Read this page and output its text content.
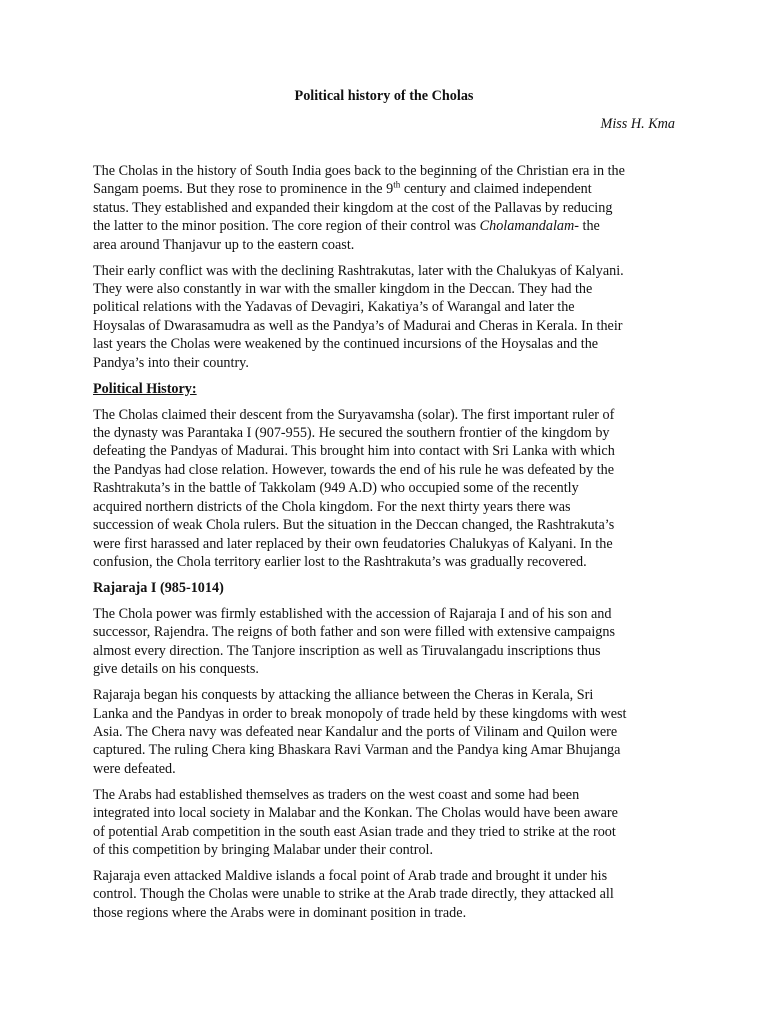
Political history of the Cholas
Miss H. Kma

The Cholas in the history of South India goes back to the beginning of the Christian era in the
Sangam poems. But they rose to prominence in the 9th century and claimed independent
status. They established and expanded their kingdom at the cost of the Pallavas by reducing
the latter to the minor position. The core region of their control was Cholamandalam- the
area around Thanjavur up to the eastern coast.

Their early conflict was with the declining Rashtrakutas, later with the Chalukyas of Kalyani.
They were also constantly in war with the smaller kingdom in the Deccan. They had the
political relations with the Yadavas of Devagiri, Kakatiya’s of Warangal and later the
Hoysalas of Dwarasamudra as well as the Pandya’s of Madurai and Cheras in Kerala. In their
last years the Cholas were weakened by the continued incursions of the Hoysalas and the
Pandya’s into their country.

Political History:

The Cholas claimed their descent from the Suryavamsha (solar). The first important ruler of
the dynasty was Parantaka I (907-955). He secured the southern frontier of the kingdom by
defeating the Pandyas of Madurai. This brought him into contact with Sri Lanka with which
the Pandyas had close relation. However, towards the end of his rule he was defeated by the
Rashtrakuta’s in the battle of Takkolam (949 A.D) who occupied some of the recently
acquired northern districts of the Chola kingdom. For the next thirty years there was
succession of weak Chola rulers. But the situation in the Deccan changed, the Rashtrakuta’s
were first harassed and later replaced by their own feudatories Chalukyas of Kalyani. In the
confusion, the Chola territory earlier lost to the Rashtrakuta’s was gradually recovered.

Rajaraja I (985-1014)

The Chola power was firmly established with the accession of Rajaraja I and of his son and
successor, Rajendra. The reigns of both father and son were filled with extensive campaigns
almost every direction. The Tanjore inscription as well as Tiruvalangadu inscriptions thus
give details on his conquests.

Rajaraja began his conquests by attacking the alliance between the Cheras in Kerala, Sri
Lanka and the Pandyas in order to break monopoly of trade held by these kingdoms with west
Asia. The Chera navy was defeated near Kandalur and the ports of Vilinam and Quilon were
captured. The ruling Chera king Bhaskara Ravi Varman and the Pandya king Amar Bhujanga
were defeated.

The Arabs had established themselves as traders on the west coast and some had been
integrated into local society in Malabar and the Konkan. The Cholas would have been aware
of potential Arab competition in the south east Asian trade and they tried to strike at the root
of this competition by bringing Malabar under their control.

Rajaraja even attacked Maldive islands a focal point of Arab trade and brought it under his
control. Though the Cholas were unable to strike at the Arab trade directly, they attacked all
those regions where the Arabs were in dominant position in trade.
